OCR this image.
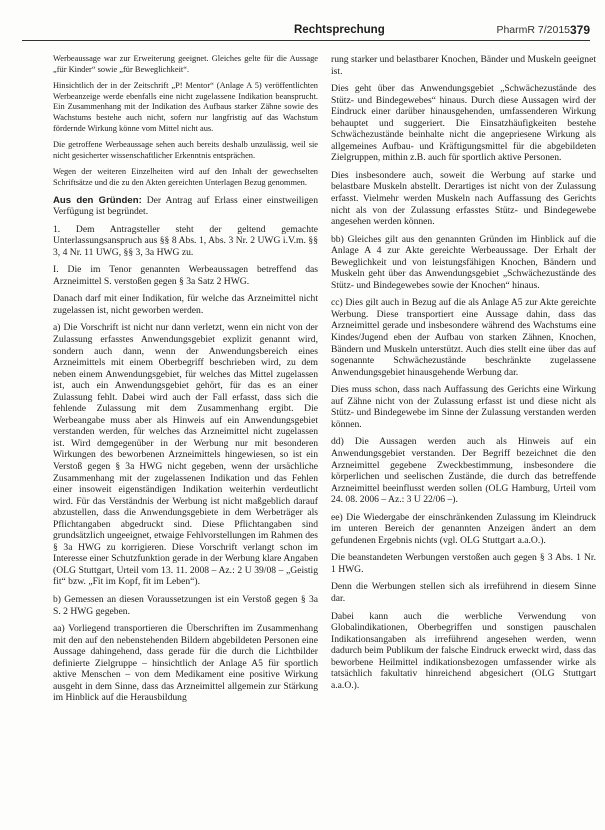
Rechtsprechung	PharmR 7/2015 379

Werbeaussage war zur Erweiterung geeignet. Gleiches gelte für die Aussage „für Kinder“ sowie „für Beweglichkeit“.

Hinsichtlich der in der Zeitschrift „P! Mentor“ (Anlage A 5) veröffentlichten Werbeanzeige werde ebenfalls eine nicht zugelassene Indikation beansprucht. Ein Zusammenhang mit der Indikation des Aufbaus starker Zähne sowie des Wachstums bestehe auch nicht, sofern nur langfristig auf das Wachstum fördernde Wirkung könne vom Mittel nicht aus.

Die getroffene Werbeaussage sehen auch bereits deshalb unzulässig, weil sie nicht gesicherter wissenschaftlicher Erkenntnis entsprächen.

Wegen der weiteren Einzelheiten wird auf den Inhalt der gewechselten Schriftsätze und die zu den Akten gereichten Unterlagen Bezug genommen.

Aus den Gründen: Der Antrag auf Erlass einer einstweiligen Verfügung ist begründet.

1. Dem Antragsteller steht der geltend gemachte Unterlassungsanspruch aus §§ 8 Abs. 1, Abs. 3 Nr. 2 UWG i.V.m. §§ 3, 4 Nr. 11 UWG, §§ 3, 3a HWG zu.

I. Die im Tenor genannten Werbeaussagen betreffend das Arzneimittel S. verstoßen gegen § 3a Satz 2 HWG.

Danach darf mit einer Indikation, für welche das Arzneimittel nicht zugelassen ist, nicht geworben werden.

a) Die Vorschrift ist nicht nur dann verletzt, wenn ein nicht von der Zulassung erfasstes Anwendungsgebiet explizit genannt wird, sondern auch dann, wenn der Anwendungsbereich eines Arzneimittels mit einem Oberbegriff beschrieben wird, zu dem neben einem Anwendungsgebiet, für welches das Mittel zugelassen ist, auch ein Anwendungsgebiet gehört, für das es an einer Zulassung fehlt. Dabei wird auch der Fall erfasst, dass sich die fehlende Zulassung mit dem Zusammenhang ergibt. Die Werbeangabe muss aber als Hinweis auf ein Anwendungsgebiet verstanden werden, für welches das Arzneimittel nicht zugelassen ist. Wird demgegenüber in der Werbung nur mit besonderen Wirkungen des beworbenen Arzneimittels hingewiesen, so ist ein Verstoß gegen § 3a HWG nicht gegeben, wenn der ursächliche Zusammenhang mit der zugelassenen Indikation und das Fehlen einer insoweit eigenständigen Indikation weiterhin verdeutlicht wird. Für das Verständnis der Werbung ist nicht maßgeblich darauf abzustellen, dass die Anwendungsgebiete in dem Werbeträger als Pflichtangaben abgedruckt sind. Diese Pflichtangaben sind grundsätzlich ungeeignet, etwaige Fehlvorstellungen im Rahmen des § 3a HWG zu korrigieren. Diese Vorschrift verlangt schon im Interesse einer Schutzfunktion gerade in der Werbung klare Angaben (OLG Stuttgart, Urteil vom 13. 11. 2008 – Az.: 2 U 39/08 – „Geistig fit“ bzw. „Fit im Kopf, fit im Leben“).

b) Gemessen an diesen Voraussetzungen ist ein Verstoß gegen § 3a S. 2 HWG gegeben.

aa) Vorliegend transportieren die Überschriften im Zusammenhang mit den auf den nebenstehenden Bildern abgebildeten Personen eine Aussage dahingehend, dass gerade für die durch die Lichtbilder definierte Zielgruppe – hinsichtlich der Anlage A5 für sportlich aktive Menschen – von dem Medikament eine positive Wirkung ausgeht in dem Sinne, dass das Arzneimittel allgemein zur Stärkung im Hinblick auf die Herausbildung

rung starker und belastbarer Knochen, Bänder und Muskeln geeignet ist.

Dies geht über das Anwendungsgebiet „Schwächezustände des Stütz- und Bindegewebes“ hinaus. Durch diese Aussagen wird der Eindruck einer darüber hinausgehenden, umfassenderen Wirkung behauptet und suggeriert. Die Einsatzhäufigkeiten bestehe Schwächezustände beinhalte nicht die angepriesene Wirkung als allgemeines Aufbau- und Kräftigungsmittel für die abgebildeten Zielgruppen, mithin z.B. auch für sportlich aktive Personen.

Dies insbesondere auch, soweit die Werbung auf starke und belastbare Muskeln abstellt. Derartiges ist nicht von der Zulassung erfasst. Vielmehr werden Muskeln nach Auffassung des Gerichts nicht als von der Zulassung erfasstes Stütz- und Bindegewebe angesehen werden können.

bb) Gleiches gilt aus den genannten Gründen im Hinblick auf die Anlage A 4 zur Akte gereichte Werbeaussage. Der Erhalt der Beweglichkeit und von leistungsfähigen Knochen, Bändern und Muskeln geht über das Anwendungsgebiet „Schwächezustände des Stütz- und Bindegewebes sowie der Knochen“ hinaus.

cc) Dies gilt auch in Bezug auf die als Anlage A5 zur Akte gereichte Werbung. Diese transportiert eine Aussage dahin, dass das Arzneimittel gerade und insbesondere während des Wachstums eine Kindes/Jugend eben der Aufbau von starken Zähnen, Knochen, Bändern und Muskeln unterstützt. Auch dies stellt eine über das auf sogenannte Schwächezustände beschränkte zugelassene Anwendungsgebiet hinausgehende Werbung dar.

Dies muss schon, dass nach Auffassung des Gerichts eine Wirkung auf Zähne nicht von der Zulassung erfasst ist und diese nicht als Stütz- und Bindegewebe im Sinne der Zulassung verstanden werden können.

dd) Die Aussagen werden auch als Hinweis auf ein Anwendungsgebiet verstanden. Der Begriff bezeichnet die den Arzneimittel gegebene Zweckbestimmung, insbesondere die körperlichen und seelischen Zustände, die durch das betreffende Arzneimittel beeinflusst werden sollen (OLG Hamburg, Urteil vom 24. 08. 2006 – Az.: 3 U 22/06 –).

ee) Die Wiedergabe der einschränkenden Zulassung im Kleindruck im unteren Bereich der genannten Anzeigen ändert an dem gefundenen Ergebnis nichts (vgl. OLG Stuttgart a.a.O.).

Die beanstandeten Werbungen verstoßen auch gegen § 3 Abs. 1 Nr. 1 HWG.

Denn die Werbungen stellen sich als irreführend in diesem Sinne dar.

Dabei kann auch die werbliche Verwendung von Globalindikationen, Oberbegriffen und sonstigen pauschalen Indikationsangaben als irreführend angesehen werden, wenn dadurch beim Publikum der falsche Eindruck erweckt wird, dass das beworbene Heilmittel indikationsbezogen umfassender wirke als tatsächlich fakultativ hinreichend abgesichert (OLG Stuttgart a.a.O.).
